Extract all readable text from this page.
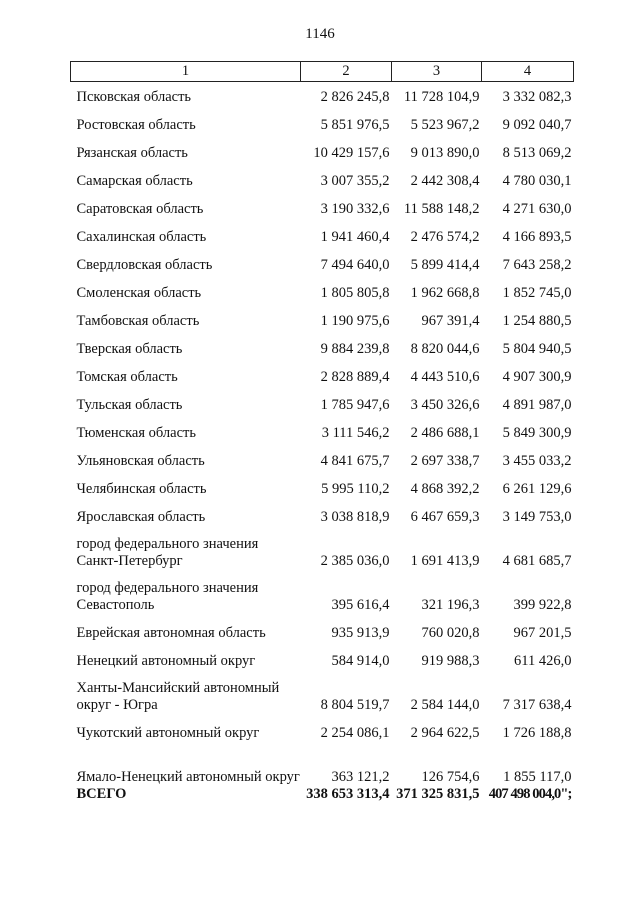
1146
1	2	3	4
Псковская область	2 826 245,8	11 728 104,9	3 332 082,3
Ростовская область	5 851 976,5	5 523 967,2	9 092 040,7
Рязанская область	10 429 157,6	9 013 890,0	8 513 069,2
Самарская область	3 007 355,2	2 442 308,4	4 780 030,1
Саратовская область	3 190 332,6	11 588 148,2	4 271 630,0
Сахалинская область	1 941 460,4	2 476 574,2	4 166 893,5
Свердловская область	7 494 640,0	5 899 414,4	7 643 258,2
Смоленская область	1 805 805,8	1 962 668,8	1 852 745,0
Тамбовская область	1 190 975,6	967 391,4	1 254 880,5
Тверская область	9 884 239,8	8 820 044,6	5 804 940,5
Томская область	2 828 889,4	4 443 510,6	4 907 300,9
Тульская область	1 785 947,6	3 450 326,6	4 891 987,0
Тюменская область	3 111 546,2	2 486 688,1	5 849 300,9
Ульяновская область	4 841 675,7	2 697 338,7	3 455 033,2
Челябинская область	5 995 110,2	4 868 392,2	6 261 129,6
Ярославская область	3 038 818,9	6 467 659,3	3 149 753,0
город федерального значения Санкт-Петербург	2 385 036,0	1 691 413,9	4 681 685,7
город федерального значения Севастополь	395 616,4	321 196,3	399 922,8
Еврейская автономная область	935 913,9	760 020,8	967 201,5
Ненецкий автономный округ	584 914,0	919 988,3	611 426,0
Ханты-Мансийский автономный округ - Югра	8 804 519,7	2 584 144,0	7 317 638,4
Чукотский автономный округ	2 254 086,1	2 964 622,5	1 726 188,8
Ямало-Ненецкий автономный округ	363 121,2	126 754,6	1 855 117,0
ВСЕГО	338 653 313,4	371 325 831,5	407 498 004,0";
